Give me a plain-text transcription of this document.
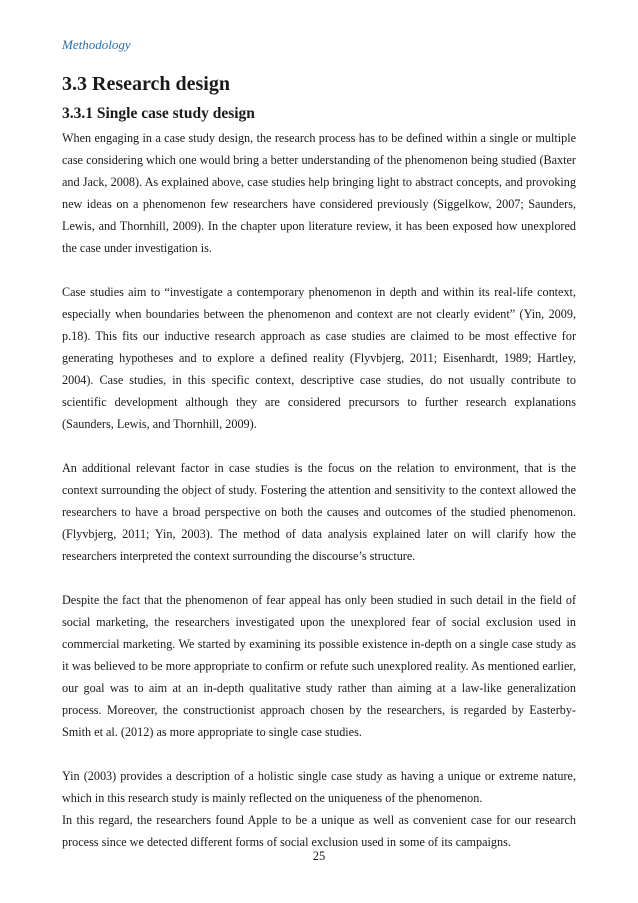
Methodology
3.3 Research design
3.3.1 Single case study design

When engaging in a case study design, the research process has to be defined within a single or multiple case considering which one would bring a better understanding of the phenomenon being studied (Baxter and Jack, 2008). As explained above, case studies help bringing light to abstract concepts, and provoking new ideas on a phenomenon few researchers have considered previously (Siggelkow, 2007; Saunders, Lewis, and Thornhill, 2009). In the chapter upon literature review, it has been exposed how unexplored the case under investigation is.

Case studies aim to “investigate a contemporary phenomenon in depth and within its real-life context, especially when boundaries between the phenomenon and context are not clearly evident” (Yin, 2009, p.18). This fits our inductive research approach as case studies are claimed to be most effective for generating hypotheses and to explore a defined reality (Flyvbjerg, 2011; Eisenhardt, 1989; Hartley, 2004). Case studies, in this specific context, descriptive case studies, do not usually contribute to scientific development although they are considered precursors to further research explanations (Saunders, Lewis, and Thornhill, 2009).

An additional relevant factor in case studies is the focus on the relation to environment, that is the context surrounding the object of study. Fostering the attention and sensitivity to the context allowed the researchers to have a broad perspective on both the causes and outcomes of the studied phenomenon. (Flyvbjerg, 2011; Yin, 2003). The method of data analysis explained later on will clarify how the researchers interpreted the context surrounding the discourse’s structure.

Despite the fact that the phenomenon of fear appeal has only been studied in such detail in the field of social marketing, the researchers investigated upon the unexplored fear of social exclusion used in commercial marketing. We started by examining its possible existence in-depth on a single case study as it was believed to be more appropriate to confirm or refute such unexplored reality. As mentioned earlier, our goal was to aim at an in-depth qualitative study rather than aiming at a law-like generalization process. Moreover, the constructionist approach chosen by the researchers, is regarded by Easterby-Smith et al. (2012) as more appropriate to single case studies.

Yin (2003) provides a description of a holistic single case study as having a unique or extreme nature, which in this research study is mainly reflected on the uniqueness of the phenomenon.

In this regard, the researchers found Apple to be a unique as well as convenient case for our research process since we detected different forms of social exclusion used in some of its campaigns.

25
